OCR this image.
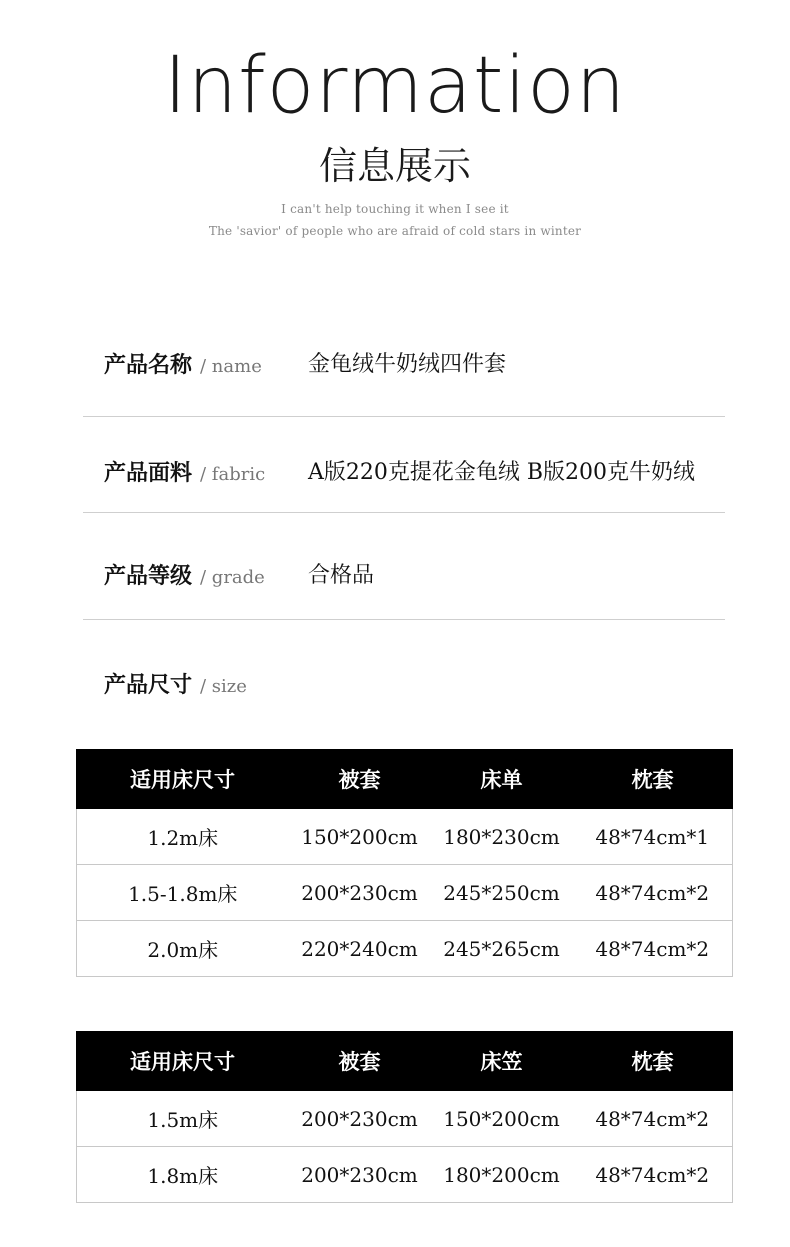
Information
信息展示
I can't help touching it when I see it
The 'savior' of people who are afraid of cold stars in winter
产品名称 / name 金龟绒牛奶绒四件套
产品面料 / fabric A版220克提花金龟绒 B版200克牛奶绒
产品等级 / grade 合格品
产品尺寸 / size
适用床尺寸	被套	床单	枕套
1.2m床	150*200cm	180*230cm	48*74cm*1
1.5-1.8m床	200*230cm	245*250cm	48*74cm*2
2.0m床	220*240cm	245*265cm	48*74cm*2
适用床尺寸	被套	床笠	枕套
1.5m床	200*230cm	150*200cm	48*74cm*2
1.8m床	200*230cm	180*200cm	48*74cm*2
